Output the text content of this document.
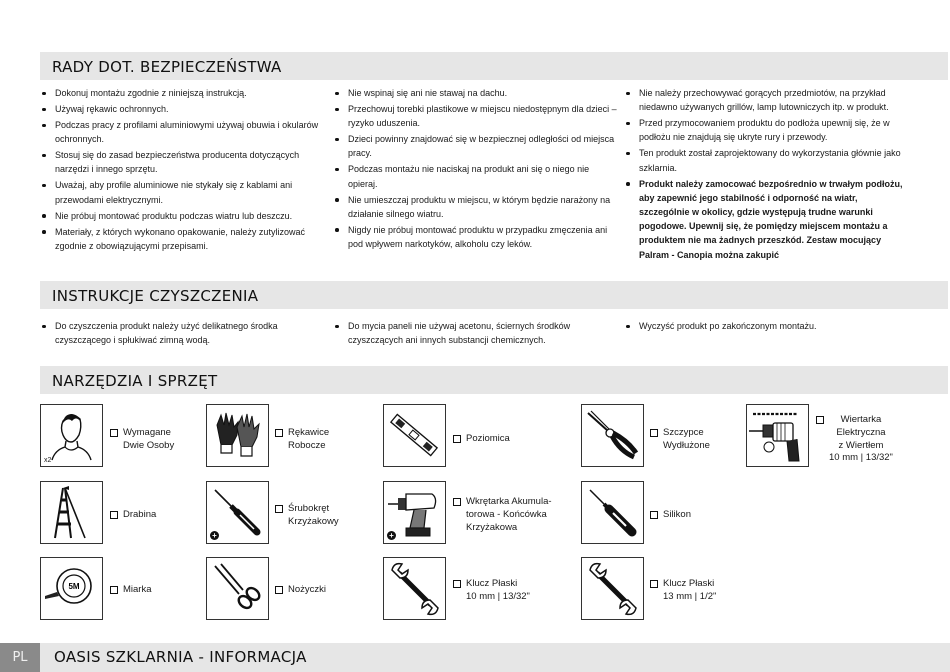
RADY DOT. BEZPIECZEŃSTWA
Dokonuj montażu zgodnie z niniejszą instrukcją.
Używaj rękawic ochronnych.
Podczas pracy z profilami aluminiowymi używaj obuwia i okularów ochronnych.
Stosuj się do zasad bezpieczeństwa producenta dotyczących narzędzi i innego sprzętu.
Uważaj, aby profile aluminiowe nie stykały się z kablami ani przewodami elektrycznymi.
Nie próbuj montować produktu podczas wiatru lub deszczu.
Materiały, z których wykonano opakowanie, należy zutylizować zgodnie z obowiązującymi przepisami.
Nie wspinaj się ani nie stawaj na dachu.
Przechowuj torebki plastikowe w miejscu niedostępnym dla dzieci – ryzyko uduszenia.
Dzieci powinny znajdować się w bezpiecznej odległości od miejsca pracy.
Podczas montażu nie naciskaj na produkt ani się o niego nie opieraj.
Nie umieszczaj produktu w miejscu, w którym będzie narażony na działanie silnego wiatru.
Nigdy nie próbuj montować produktu w przypadku zmęczenia ani pod wpływem narkotyków, alkoholu czy leków.
Nie należy przechowywać gorących przedmiotów, na przykład niedawno używanych grillów, lamp lutowniczych itp. w produkt.
Przed przymocowaniem produktu do podłoża upewnij się, że w podłożu nie znajdują się ukryte rury i przewody.
Ten produkt został zaprojektowany do wykorzystania głównie jako szklarnia.
Produkt należy zamocować bezpośrednio w trwałym podłożu, aby zapewnić jego stabilność i odporność na wiatr, szczególnie w okolicy, gdzie występują trudne warunki pogodowe. Upewnij się, że pomiędzy miejscem montażu a produktem nie ma żadnych przeszkód. Zestaw mocujący Palram - Canopia można zakupić
INSTRUKCJE CZYSZCZENIA
Do czyszczenia produkt należy użyć delikatnego środka czyszczącego i spłukiwać zimną wodą.
Do mycia paneli nie używaj acetonu, ściernych środków czyszczących ani innych substancji chemicznych.
Wyczyść produkt po zakończonym montażu.
NARZĘDZIA I SPRZĘT
x2
Wymagane
Dwie Osoby
Rękawice
Robocze
Poziomica
Szczypce
Wydłużone
Wiertarka
Elektryczna
z Wiertłem
10 mm | 13/32"
Drabina
+
Śrubokręt
Krzyżakowy
+
Wkrętarka Akumula-
torowa - Końcówka
Krzyżakowa
Silikon
5M	Miarka	Nożyczki
Klucz Płaski
10 mm | 13/32"
Klucz Płaski
13 mm | 1/2"
PL	OASIS SZKLARNIA - INFORMACJA
